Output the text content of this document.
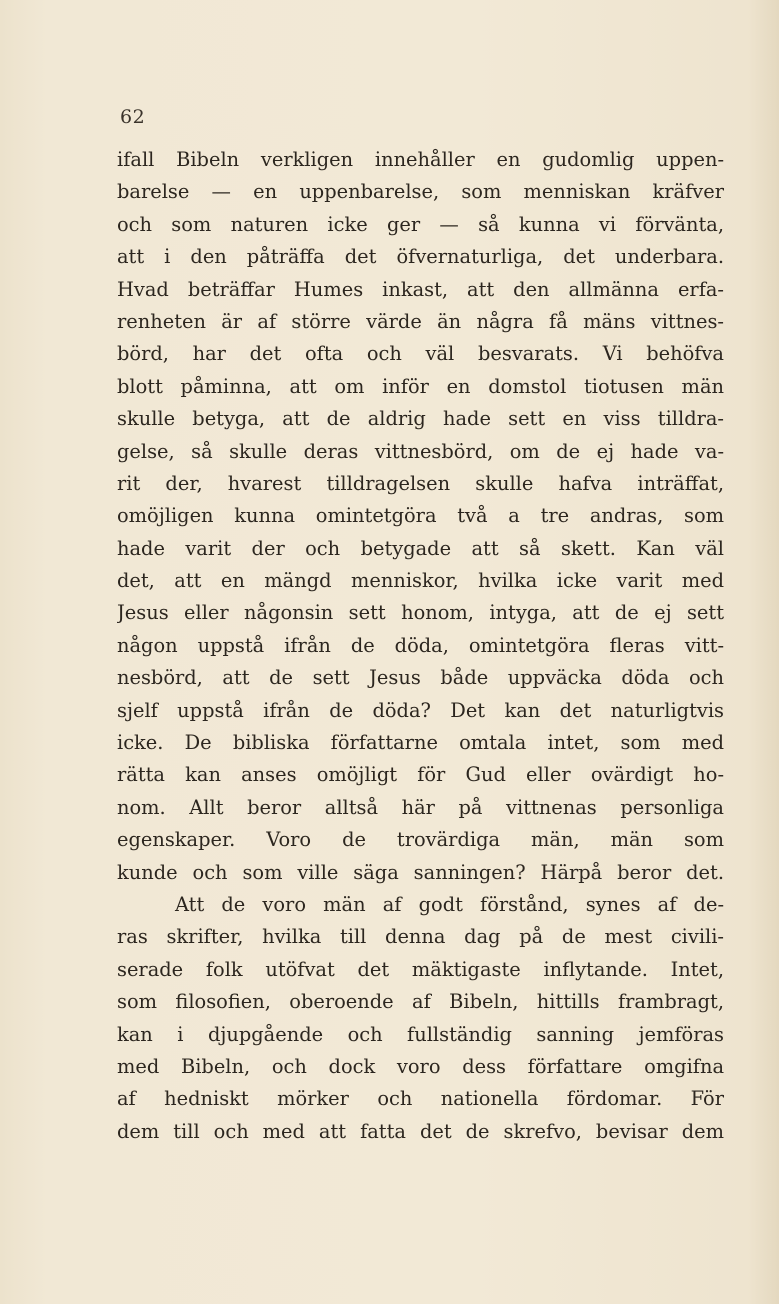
62
ifall Bibeln verkligen innehåller en gudomlig uppen-
barelse — en uppenbarelse, som menniskan kräfver
och som naturen icke ger — så kunna vi förvänta,
att i den påträffa det öfvernaturliga, det underbara.
Hvad beträffar Humes inkast, att den allmänna erfa-
renheten är af större värde än några få mäns vittnes-
börd, har det ofta och väl besvarats. Vi behöfva
blott påminna, att om inför en domstol tiotusen män
skulle betyga, att de aldrig hade sett en viss tilldra-
gelse, så skulle deras vittnesbörd, om de ej hade va-
rit der, hvarest tilldragelsen skulle hafva inträffat,
omöjligen kunna omintetgöra två a tre andras, som
hade varit der och betygade att så skett. Kan väl
det, att en mängd menniskor, hvilka icke varit med
Jesus eller någonsin sett honom, intyga, att de ej sett
någon uppstå ifrån de döda, omintetgöra fleras vitt-
nesbörd, att de sett Jesus både uppväcka döda och
sjelf uppstå ifrån de döda? Det kan det naturligtvis
icke. De bibliska författarne omtala intet, som med
rätta kan anses omöjligt för Gud eller ovärdigt ho-
nom. Allt beror alltså här på vittnenas personliga
egenskaper. Voro de trovärdiga män, män som
kunde och som ville säga sanningen? Härpå beror det.
Att de voro män af godt förstånd, synes af de-
ras skrifter, hvilka till denna dag på de mest civili-
serade folk utöfvat det mäktigaste inflytande. Intet,
som filosofien, oberoende af Bibeln, hittills frambragt,
kan i djupgående och fullständig sanning jemföras
med Bibeln, och dock voro dess författare omgifna
af hedniskt mörker och nationella fördomar. För
dem till och med att fatta det de skrefvo, bevisar dem
